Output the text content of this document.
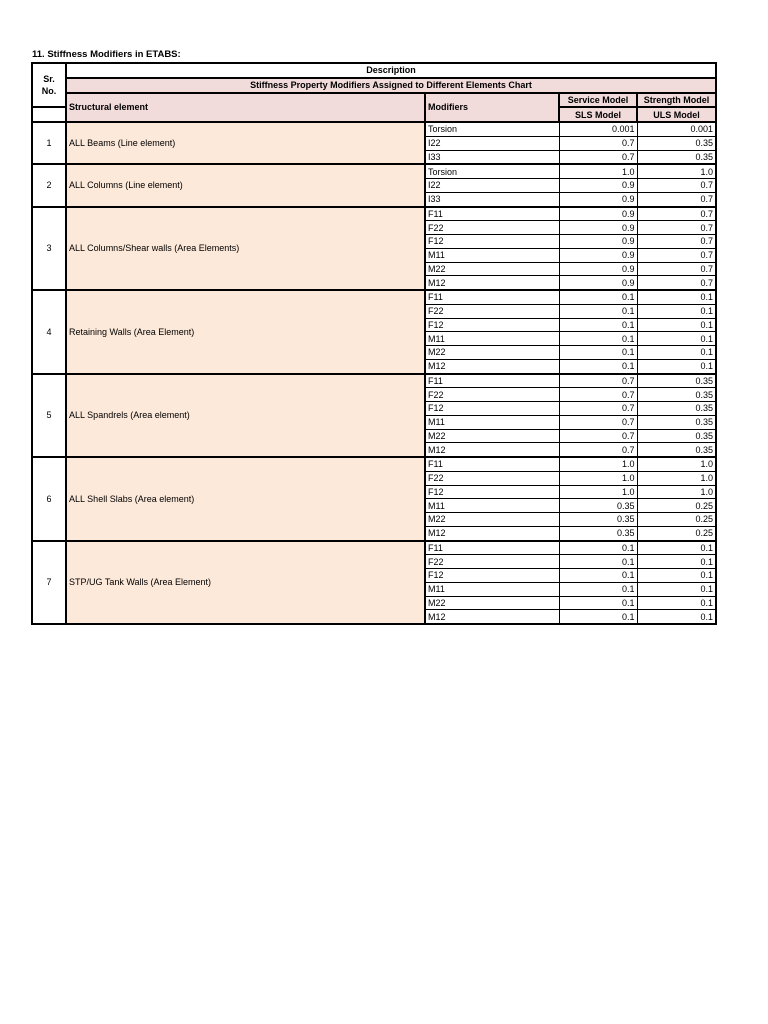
11. Stiffness Modifiers in ETABS:
Sr. No.	Description			
	Stiffness Property Modifiers Assigned to Different Elements Chart			
	Structural element	Modifiers	Service Model	Strength Model
			SLS Model	ULS Model
1	ALL Beams (Line element)	Torsion	0.001	0.001
		I22	0.7	0.35
		I33	0.7	0.35
2	ALL Columns (Line element)	Torsion	1.0	1.0
		I22	0.9	0.7
		I33	0.9	0.7
3	ALL Columns/Shear walls (Area Elements)	F11	0.9	0.7
		F22	0.9	0.7
		F12	0.9	0.7
		M11	0.9	0.7
		M22	0.9	0.7
		M12	0.9	0.7
4	Retaining Walls (Area Element)	F11	0.1	0.1
		F22	0.1	0.1
		F12	0.1	0.1
		M11	0.1	0.1
		M22	0.1	0.1
		M12	0.1	0.1
5	ALL Spandrels (Area element)	F11	0.7	0.35
		F22	0.7	0.35
		F12	0.7	0.35
		M11	0.7	0.35
		M22	0.7	0.35
		M12	0.7	0.35
6	ALL Shell Slabs (Area element)	F11	1.0	1.0
		F22	1.0	1.0
		F12	1.0	1.0
		M11	0.35	0.25
		M22	0.35	0.25
		M12	0.35	0.25
7	STP/UG Tank Walls (Area Element)	F11	0.1	0.1
		F22	0.1	0.1
		F12	0.1	0.1
		M11	0.1	0.1
		M22	0.1	0.1
		M12	0.1	0.1
